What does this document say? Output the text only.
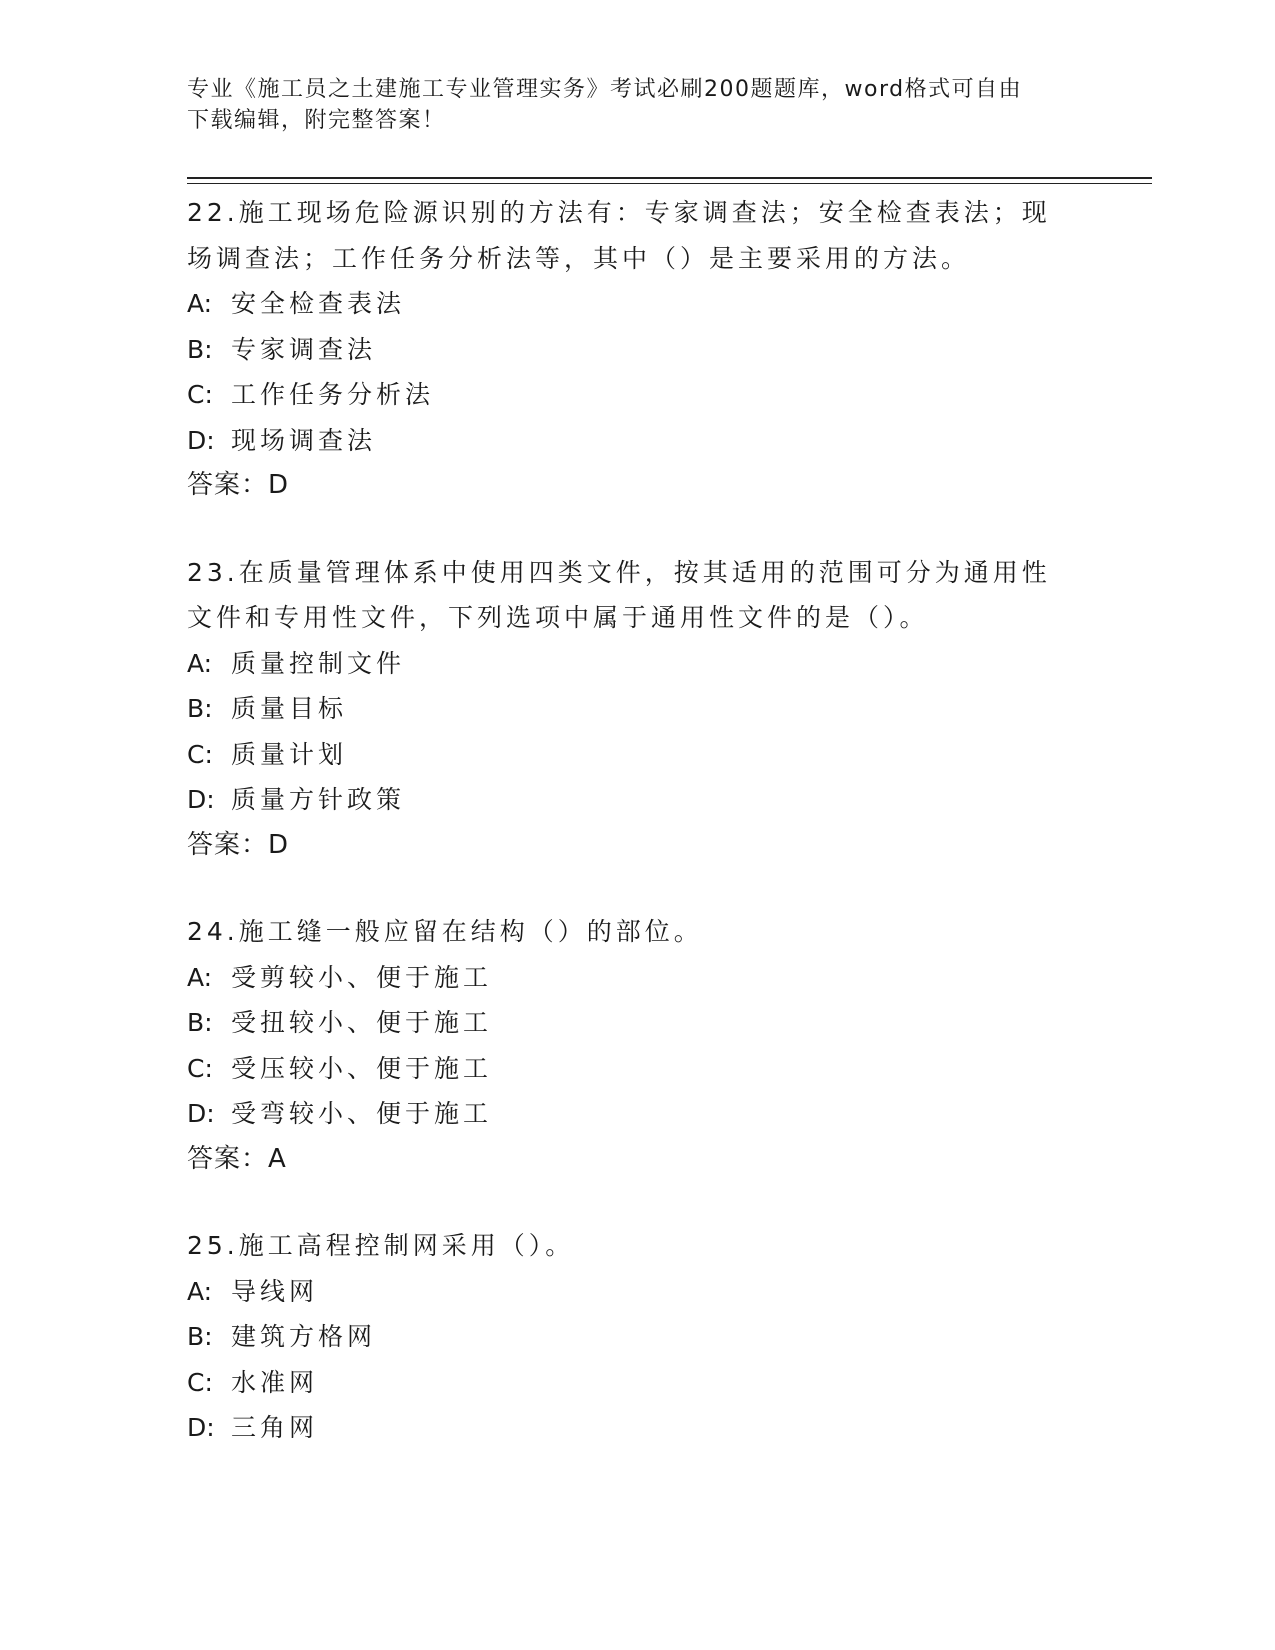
专业《施工员之土建施工专业管理实务》考试必刷200题题库，word格式可自由
下载编辑，附完整答案！

22.施工现场危险源识别的方法有：专家调查法；安全检查表法；现场调查法；工作任务分析法等，其中（）是主要采用的方法。

A: 安全检查表法
B: 专家调查法
C: 工作任务分析法
D: 现场调查法

答案：D

23.在质量管理体系中使用四类文件，按其适用的范围可分为通用性文件和专用性文件，下列选项中属于通用性文件的是（）。

A: 质量控制文件
B: 质量目标
C: 质量计划
D: 质量方针政策

答案：D

24.施工缝一般应留在结构（）的部位。

A: 受剪较小、便于施工
B: 受扭较小、便于施工
C: 受压较小、便于施工
D: 受弯较小、便于施工

答案：A

25.施工高程控制网采用（）。

A: 导线网
B: 建筑方格网
C: 水准网
D: 三角网
